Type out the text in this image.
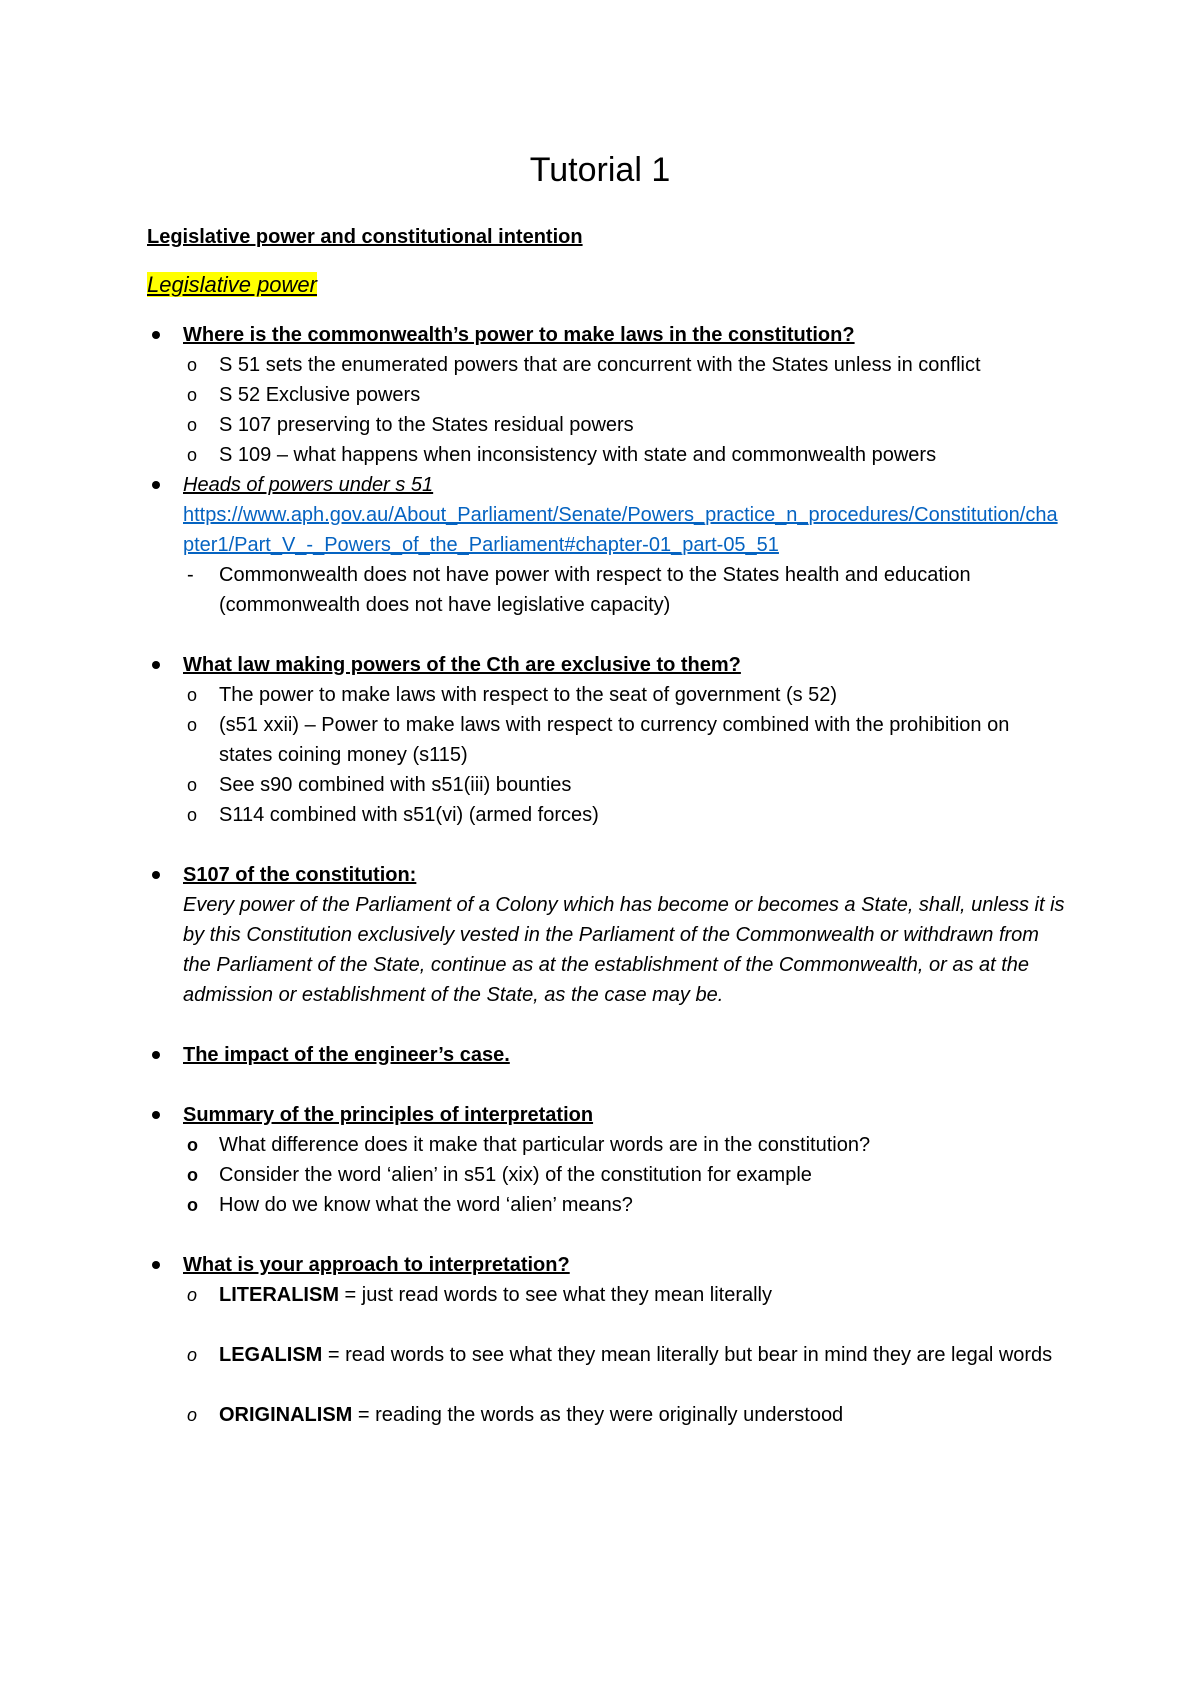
Tutorial 1

Legislative power and constitutional intention

Legislative power

Where is the commonwealth’s power to make laws in the constitution?

o S 51 sets the enumerated powers that are concurrent with the States unless in conflict
o S 52 Exclusive powers
o S 107 preserving to the States residual powers
o S 109 – what happens when inconsistency with state and commonwealth powers
Heads of powers under s 51
https://www.aph.gov.au/About_Parliament/Senate/Powers_practice_n_procedures/Constitution/chapter1/Part_V_-_Powers_of_the_Parliament#chapter-01_part-05_51
- Commonwealth does not have power with respect to the States health and education (commonwealth does not have legislative capacity)

What law making powers of the Cth are exclusive to them?

o The power to make laws with respect to the seat of government (s 52)
o (s51 xxii) – Power to make laws with respect to currency combined with the prohibition on states coining money (s115)
o See s90 combined with s51(iii) bounties
o S114 combined with s51(vi) (armed forces)
S107 of the constitution:
Every power of the Parliament of a Colony which has become or becomes a State, shall, unless it is by this Constitution exclusively vested in the Parliament of the Commonwealth or withdrawn from the Parliament of the State, continue as at the establishment of the Commonwealth, or as at the admission or establishment of the State, as the case may be.

The impact of the engineer’s case.

Summary of the principles of interpretation

o What difference does it make that particular words are in the constitution?
o Consider the word ‘alien’ in s51 (xix) of the constitution for example
o How do we know what the word ‘alien’ means?

What is your approach to interpretation?

o LITERALISM = just read words to see what they mean literally
o LEGALISM = read words to see what they mean literally but bear in mind they are legal words
o ORIGINALISM = reading the words as they were originally understood
